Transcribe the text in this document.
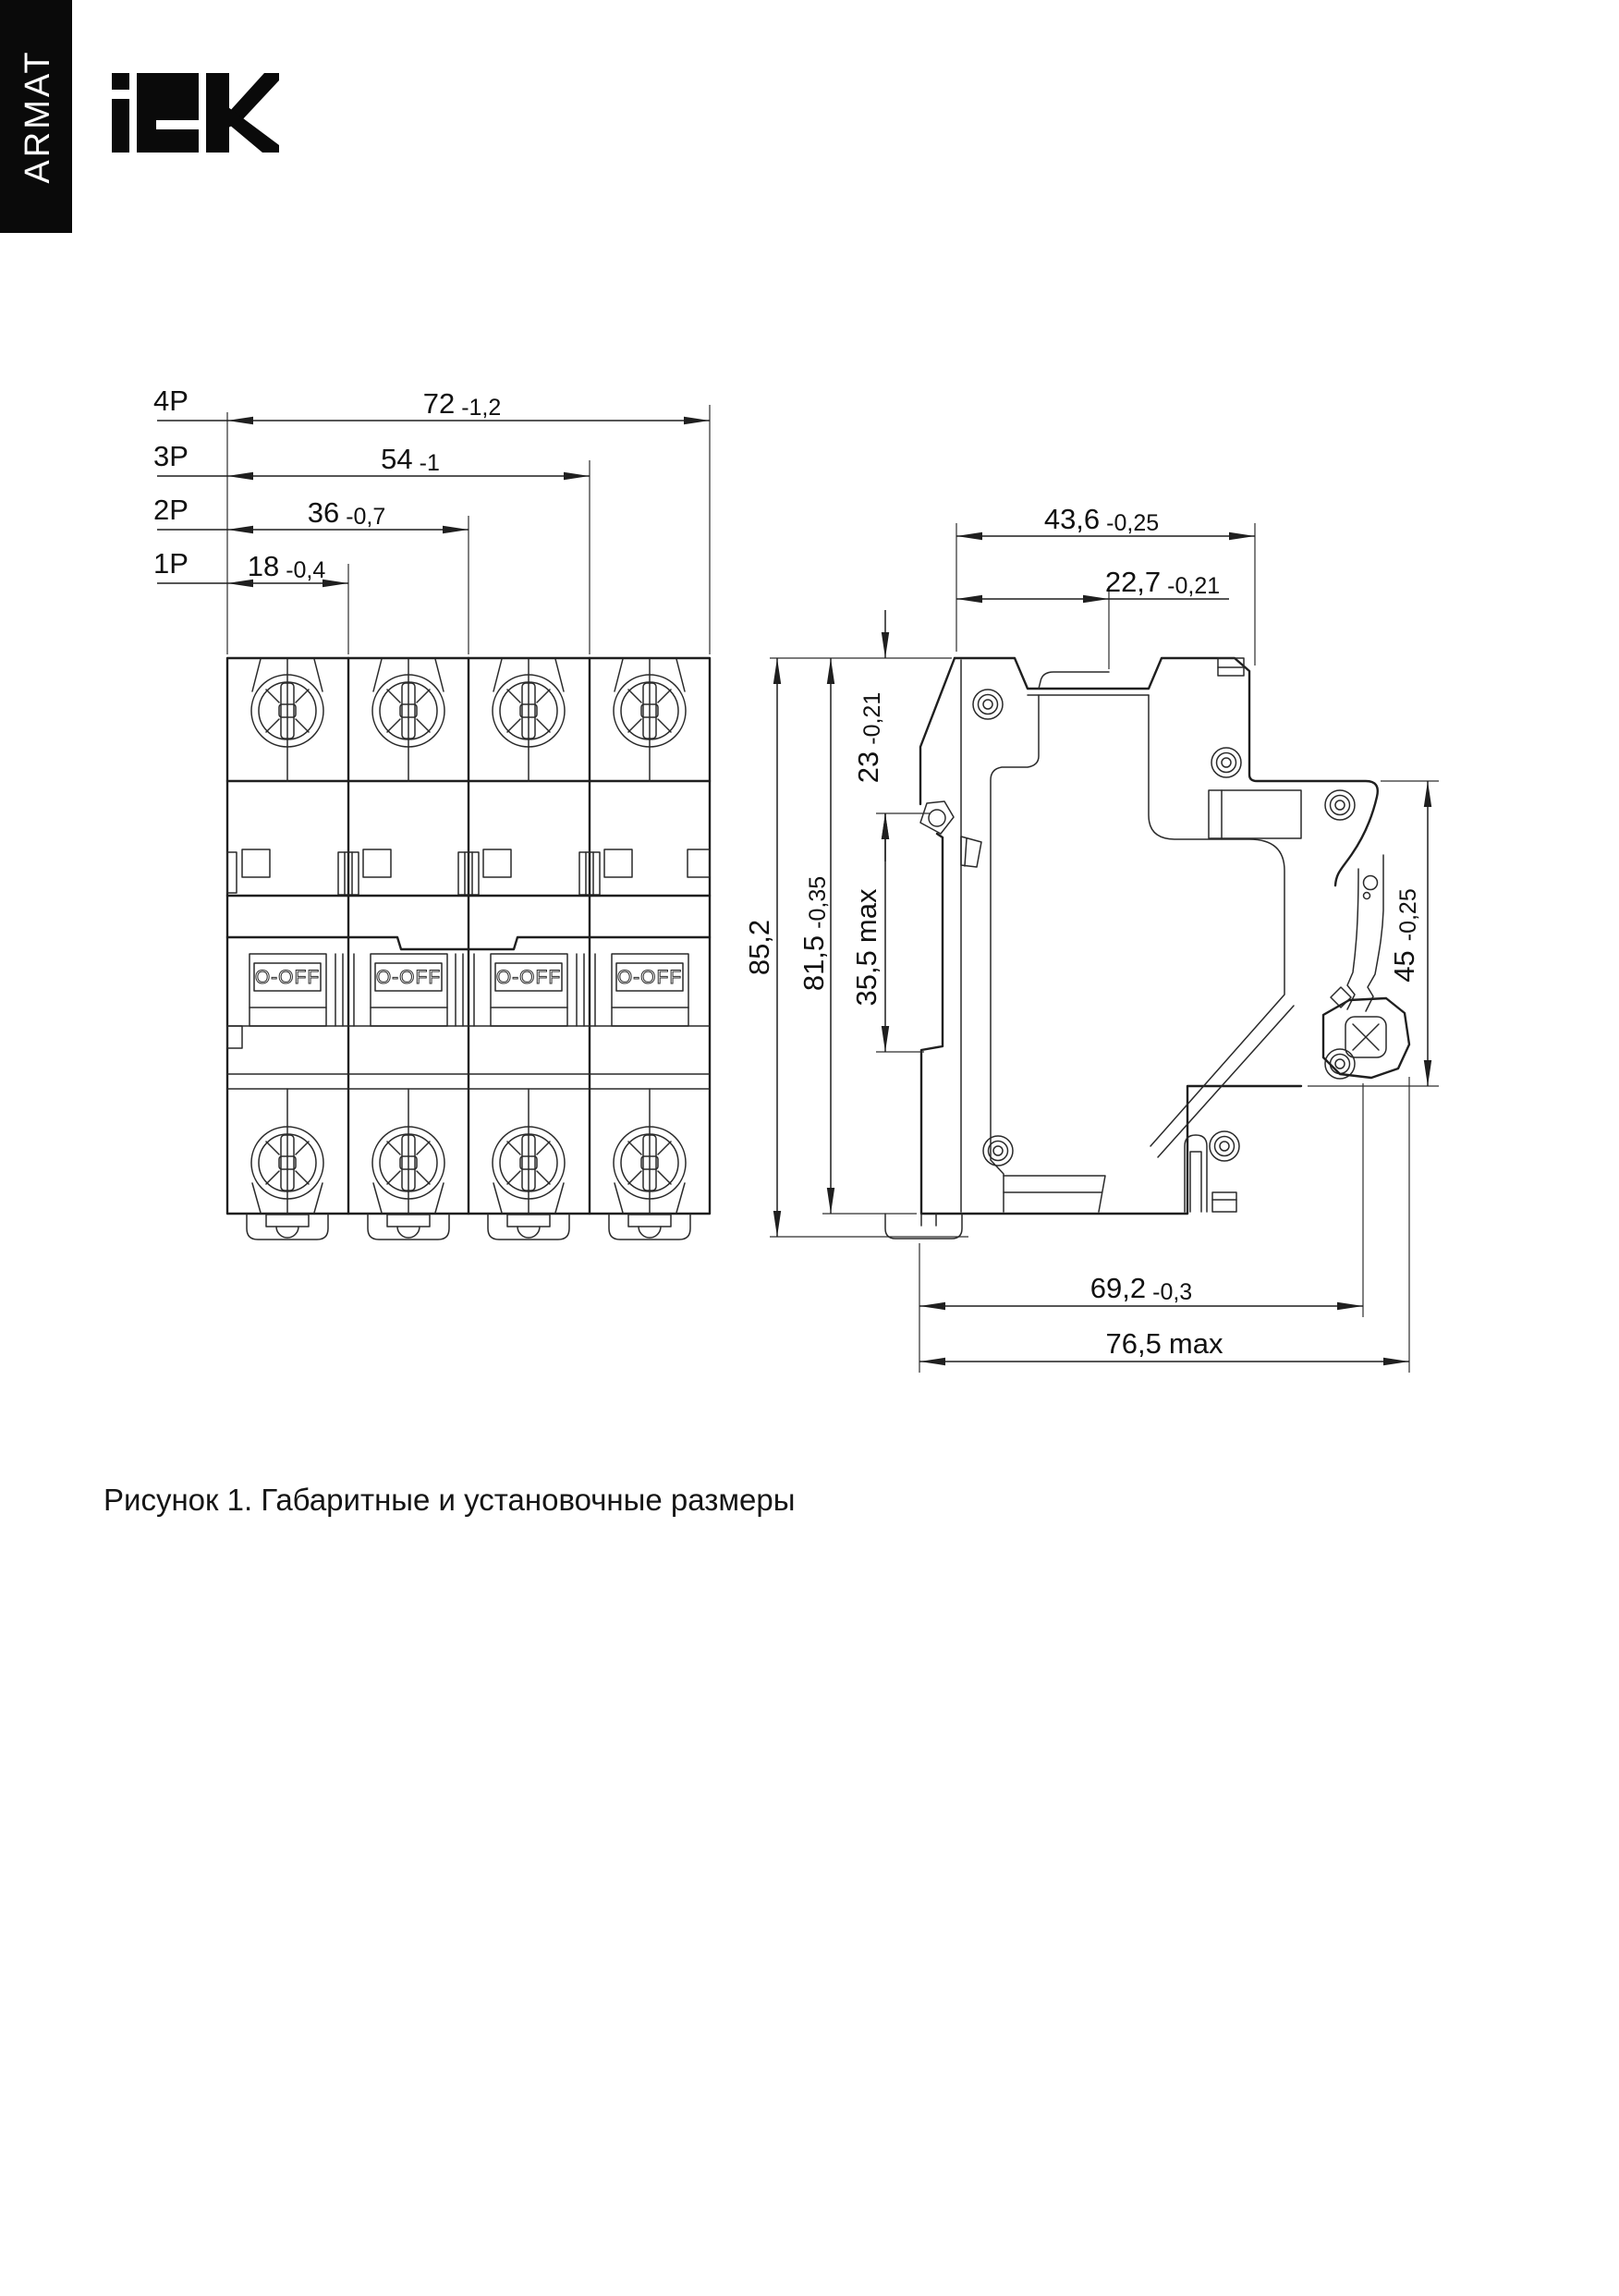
ARMAT
4P	72 -1,2
3P	54 -1
2P	36 -0,7
1P 18 -0,4
O-OFF	O-OFF	O-OFF	O-OFF
43,6 -0,25
22,7 -0,21
23-0,21
35,5max
85,2 81,5-0,35
45-0,25
69,2 -0,3
76,5 max
Рисунок 1. Габаритные и установочные размеры
